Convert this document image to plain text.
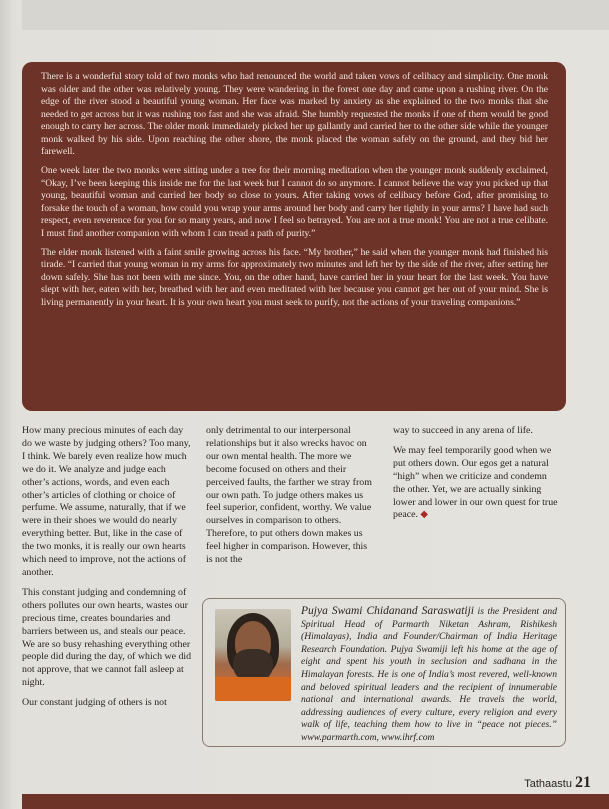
There is a wonderful story told of two monks who had renounced the world and taken vows of celibacy and simplicity. One monk was older and the other was relatively young. They were wandering in the forest one day and came upon a rushing river. On the edge of the river stood a beautiful young woman. Her face was marked by anxiety as she explained to the two monks that she needed to get across but it was rushing too fast and she was afraid. She humbly requested the monks if one of them would be good enough to carry her across. The older monk immediately picked her up gallantly and carried her to the other side while the younger monk walked by his side. Upon reaching the other shore, the monk placed the woman safely on the ground, and they bid her farewell.

One week later the two monks were sitting under a tree for their morning meditation when the younger monk suddenly exclaimed, “Okay, I’ve been keeping this inside me for the last week but I cannot do so anymore. I cannot believe the way you picked up that young, beautiful woman and carried her body so close to yours. After taking vows of celibacy before God, after promising to forsake the touch of a woman, how could you wrap your arms around her body and carry her tightly in your arms? I have had such respect, even reverence for you for so many years, and now I feel so betrayed. You are not a true monk! You are not a true celibate. I must find another companion with whom I can tread a path of purity.”

The elder monk listened with a faint smile growing across his face. “My brother,” he said when the younger monk had finished his tirade. “I carried that young woman in my arms for approximately two minutes and left her by the side of the river, after setting her down safely. She has not been with me since. You, on the other hand, have carried her in your heart for the last week. You have slept with her, eaten with her, breathed with her and even meditated with her because you cannot get her out of your mind. She is living permanently in your heart. It is your own heart you must seek to purify, not the actions of your traveling companions.”

How many precious minutes of each day do we waste by judging others? Too many, I think. We barely even realize how much we do it. We analyze and judge each other’s actions, words, and even each other’s articles of clothing or choice of perfume. We assume, naturally, that if we were in their shoes we would do nearly everything better. But, like in the case of the two monks, it is really our own hearts which need to improve, not the actions of another.

This constant judging and condemning of others pollutes our own hearts, wastes our precious time, creates boundaries and barriers between us, and steals our peace. We are so busy rehashing everything other people did during the day, of which we did not approve, that we cannot fall asleep at night.

Our constant judging of others is not

only detrimental to our interpersonal relationships but it also wrecks havoc on our own mental health. The more we become focused on others and their perceived faults, the farther we stray from our own path. To judge others makes us feel superior, confident, worthy. We value ourselves in comparison to others. Therefore, to put others down makes us feel higher in comparison. However, this is not the

way to succeed in any arena of life.

We may feel temporarily good when we put others down. Our egos get a natural “high” when we criticize and condemn the other. Yet, we are actually sinking lower and lower in our own quest for true peace. ◆

Pujya Swami Chidanand Saraswatiji is the President and Spiritual Head of Parmarth Niketan Ashram, Rishikesh (Himalayas), India and Founder/Chairman of India Heritage Research Foundation. Pujya Swamiji left his home at the age of eight and spent his youth in seclusion and sadhana in the Himalayan forests. He is one of India’s most revered, well-known and beloved spiritual leaders and the recipient of innumerable national and international awards. He travels the world, addressing audiences of every culture, every religion and every walk of life, teaching them how to live in “peace not pieces.” www.parmarth.com, www.ihrf.com
Tathaastu 21
